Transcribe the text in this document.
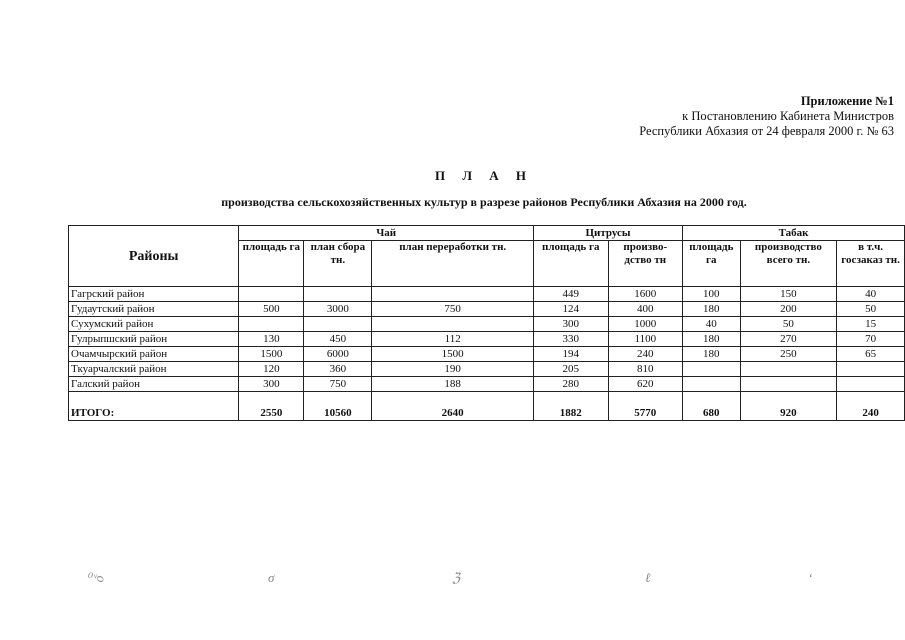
Приложение №1
к Постановлению Кабинета Министров
Республики Абхазия от 24 февраля 2000 г. № 63
П Л А Н
производства сельскохозяйственных культур в разрезе районов Республики Абхазия на 2000 год.
Районы	Чай			Цитрусы		Табак		
	площадь га	план сбора тн.	план переработки тн.	площадь га	произво-дство тн	площадь га	производство всего тн.	в т.ч. госзаказ тн.
Гагрский район				449	1600	100	150	40
Гудаутский район	500	3000	750	124	400	180	200	50
Сухумский район				300	1000	40	50	15
Гулрыпшский район	130	450	112	330	1100	180	270	70
Очамчырский район	1500	6000	1500	194	240	180	250	65
Ткуарчалский район	120	360	190	205	810			
Галский район	300	750	188	280	620			
ИТОГО:	2550	10560	2640	1882	5770	680	920	240
⁰ᵛᴑ	σ	ℨ	ℓ	ʻ
